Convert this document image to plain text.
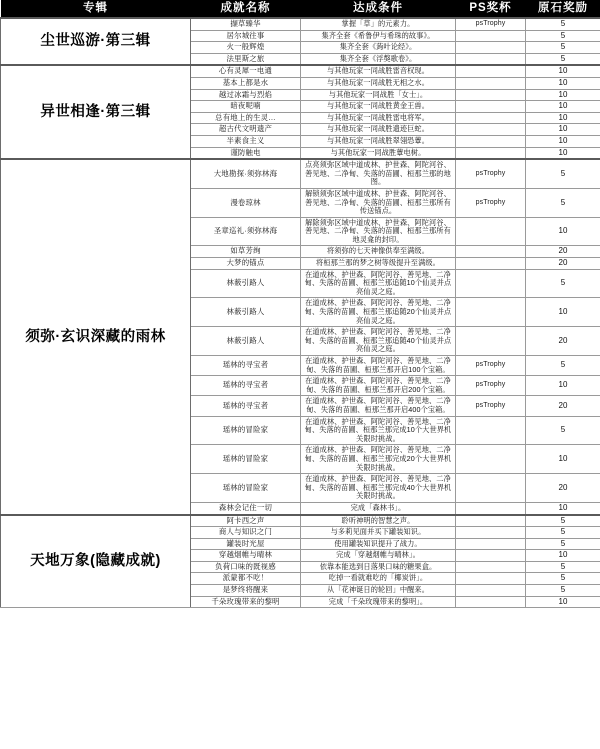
专辑	成就名称	达成条件	PS奖杯	原石奖励
尘世巡游·第三辑	撷草臻华	掌握「草」的元素力。	psTrophy	5
	居尔城往事	集齐全套《希鲁伊与希珠的故事》。		5
	火一般辉煌	集齐全套《蒟叶论经》。		5
	法里斯之旅	集齐全套《浮獒歌卷》。		5
异世相逢·第三辑	心有灵犀一电通	与其他玩家一同战胜雷音权现。		10
	基本上都是水	与其他玩家一同战胜无相之水。		10
	越过冰霜与烈焰	与其他玩家一同战胜「女士」。		10
	暗夜呢喃	与其他玩家一同战胜黄金王兽。		10
	总有地上的生灵…	与其他玩家一同战胜雷电将军。		10
	超古代文明遗产	与其他玩家一同战胜遗迹巨蛇。		10
	半素食主义	与其他玩家一同战胜翠翎恐蕈。		10
	谨防触电	与其他玩家一同战胜蕈电树。		10
须弥·玄识深藏的雨林	大地勘探·须弥林海	点亮须弥区域中道成林、护世森、阿陀河谷、善见地、二净甸、失落的苗圃、桓那兰那的地图。	psTrophy	5
	漫卷琼林	解锁须弥区域中道成林、护世森、阿陀河谷、善见地、二净甸、失落的苗圃、桓那兰那所有传送锚点。	psTrophy	5
	圣章巡礼·须弥林海	解除须弥区域中道成林、护世森、阿陀河谷、善见地、二净甸、失落的苗圃、桓那兰那所有地灵龛的封印。		10
	如草芳绚	将须弥的七天神像供奉至满级。		20
	大梦的锚点	将桓那兰那的梦之树等级提升至满级。		20
	林薮引路人	在道成林、护世森、阿陀河谷、善见地、二净甸、失落的苗圃、桓那兰那追随10个仙灵并点亮仙灵之庭。		5
	林薮引路人	在道成林、护世森、阿陀河谷、善见地、二净甸、失落的苗圃、桓那兰那追随20个仙灵并点亮仙灵之庭。		10
	林薮引路人	在道成林、护世森、阿陀河谷、善见地、二净甸、失落的苗圃、桓那兰那追随40个仙灵并点亮仙灵之庭。		20
	瑶林的寻宝者	在道成林、护世森、阿陀河谷、善见地、二净甸、失落的苗圃、桓那兰那开启100个宝箱。	psTrophy	5
	瑶林的寻宝者	在道成林、护世森、阿陀河谷、善见地、二净甸、失落的苗圃、桓那兰那开启200个宝箱。	psTrophy	10
	瑶林的寻宝者	在道成林、护世森、阿陀河谷、善见地、二净甸、失落的苗圃、桓那兰那开启400个宝箱。	psTrophy	20
	瑶林的冒险家	在道成林、护世森、阿陀河谷、善见地、二净甸、失落的苗圃、桓那兰那完成10个大世界机关限时挑战。		5
	瑶林的冒险家	在道成林、护世森、阿陀河谷、善见地、二净甸、失落的苗圃、桓那兰那完成20个大世界机关限时挑战。		10
	瑶林的冒险家	在道成林、护世森、阿陀河谷、善见地、二净甸、失落的苗圃、桓那兰那完成40个大世界机关限时挑战。		20
	森林会记住一切	完成「森林书」。		10
天地万象(隐藏成就)	阿卡西之声	聆听神明的智慧之声。		5
	商人与知识之门	与多莉见面并买下罐装知识。		5
	罐装时光屋	使用罐装知识提升了战力。		5
	穿越烟帷与晴林	完成「穿越烟帷与晴林」。		10
	负荷口味的既视感	依靠本能选到日落果口味的糖果盒。		5
	派蒙都不吃！	吃掉一看就难吃的「椰炭饼」。		5
	是梦终将醒来	从「花神诞日的轮回」中醒来。		5
	千朵玫瑰带来的黎明	完成「千朵玫瑰带来的黎明」。		10
